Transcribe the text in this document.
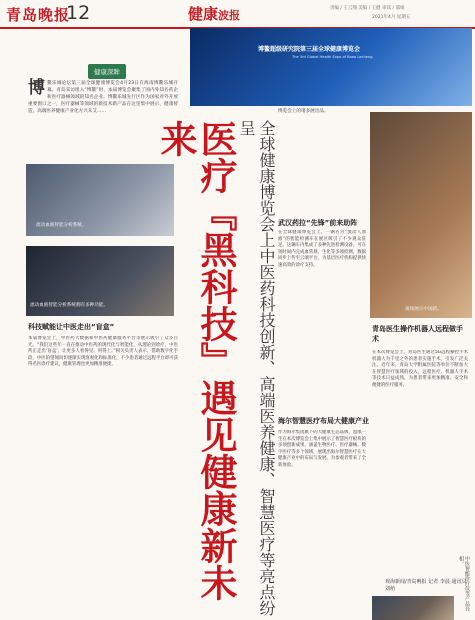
青岛晚报
12	健康波报
责编 / 王云翔 美编 / 王健 审读 / 邵娟
2021年4月 星期五
健康深眸
博 鳌乐城论坛第三届全球健康博览会4月23日在海南博鳌乐城开幕。青岛采访组入“博鳌”时，本届博览会聚集了国内外知名药企和医疗器械领域的知名企业。博鳌乐城先行区作为国家对外开放重要窗口之一，医疗器械等领域的新技术新产品在这里集中展示，健康智造，高端医养健康产业化方兴未艾……
流动血液智能分析系统。
流动血液智能分析系统拥有多种功能。
科技赋能让中医走出“盲盒”
本届博览会上，中医药大数据和中医药健康服务平台等展示吸引了众多目光。“我们这些年一直在推动中医药的现代化与智能化，从理论到诊疗，中医药正走出‘盲盒’，让更多人看得见、用得上。”相关负责人表示，借助数字化手段，中医的望闻问切逐渐实现客观化和标准化，不少患者通过远程平台即可获得名医诊疗建议，健康管理也更加精准便捷。
博鳌超级研究院第三届全球健康博览会
The 3rd Global Health Expo of Boao Lecheng
博览会上的诸多展出品。
医疗『黑科技』遇见健康新未来	全球健康博览会上中医药科技创新、高端医养健康、智慧医疗等亮点纷呈
武汉药拉“先锋”前来助阵
在全球健康博览会上，一辆名为“流动人血液”的智能检测车在展区吸引了不少观众驻足。这辆车内集成了多种先进检测设备，可在短时间内完成血常规、生化等多项检测，数据同步上传至云端平台，为基层医疗机构提供快速高效的诊疗支持。
海尔智慧医疗布局大健康产业
作为海尔集团旗下的大健康生态品牌，盈康一生在本次博览会上集中展示了智慧医疗板块的多项创新成果，涵盖生物医疗、医疗器械、数字医疗等多个领域，展现出海尔智慧医疗在大健康产业中的布局与发展，为参观者带来了全新体验。
观场展示中国药。
青岛医生操作机器人远程做手术
在本次博览会上，青岛医生通过5G远程操控手术机器人为千里之外的患者实施手术，引发广泛关注。近年来，青岛大学附属医院等单位不断加大在智慧医疗领域的投入，远程医疗、机器人手术等技术日益成熟，为患者带来更加精准、安全和便捷的医疗服务。
观海新闻/青岛晚报 记者 李晨 通讯员 刘萌	中医智能诊疗仪等产品亮相。
